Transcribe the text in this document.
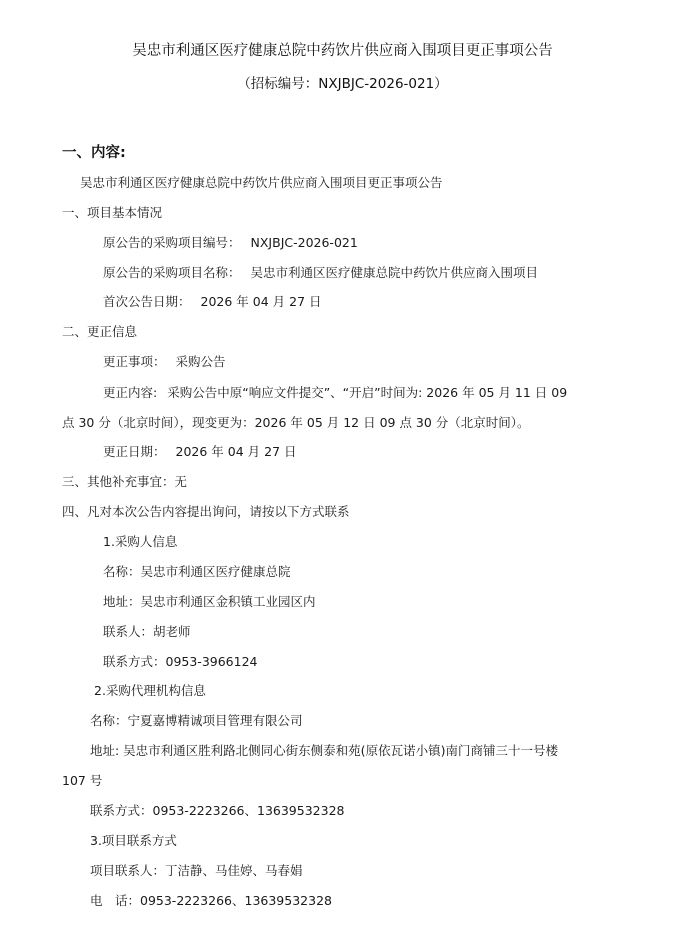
吴忠市利通区医疗健康总院中药饮片供应商入围项目更正事项公告
（招标编号：NXJBJC-2026-021）
一、内容:
吴忠市利通区医疗健康总院中药饮片供应商入围项目更正事项公告
一、项目基本情况
原公告的采购项目编号： NXJBJC-2026-021
原公告的采购项目名称： 吴忠市利通区医疗健康总院中药饮片供应商入围项目
首次公告日期： 2026 年 04 月 27 日
二、更正信息
更正事项： 采购公告
更正内容: 采购公告中原“响应文件提交”、“开启”时间为: 2026 年 05 月 11 日 09
点 30 分（北京时间），现变更为：2026 年 05 月 12 日 09 点 30 分（北京时间）。
更正日期： 2026 年 04 月 27 日
三、其他补充事宜：无
四、凡对本次公告内容提出询问，请按以下方式联系
1.采购人信息
名称：吴忠市利通区医疗健康总院
地址：吴忠市利通区金积镇工业园区内
联系人：胡老师
联系方式：0953-3966124
2.采购代理机构信息
名称：宁夏嘉博精诚项目管理有限公司
地址: 吴忠市利通区胜利路北侧同心街东侧泰和苑(原依瓦诺小镇)南门商铺三十一号楼
107 号
联系方式：0953-2223266、13639532328
3.项目联系方式
项目联系人：丁洁静、马佳婷、马春娟
电　话：0953-2223266、13639532328
